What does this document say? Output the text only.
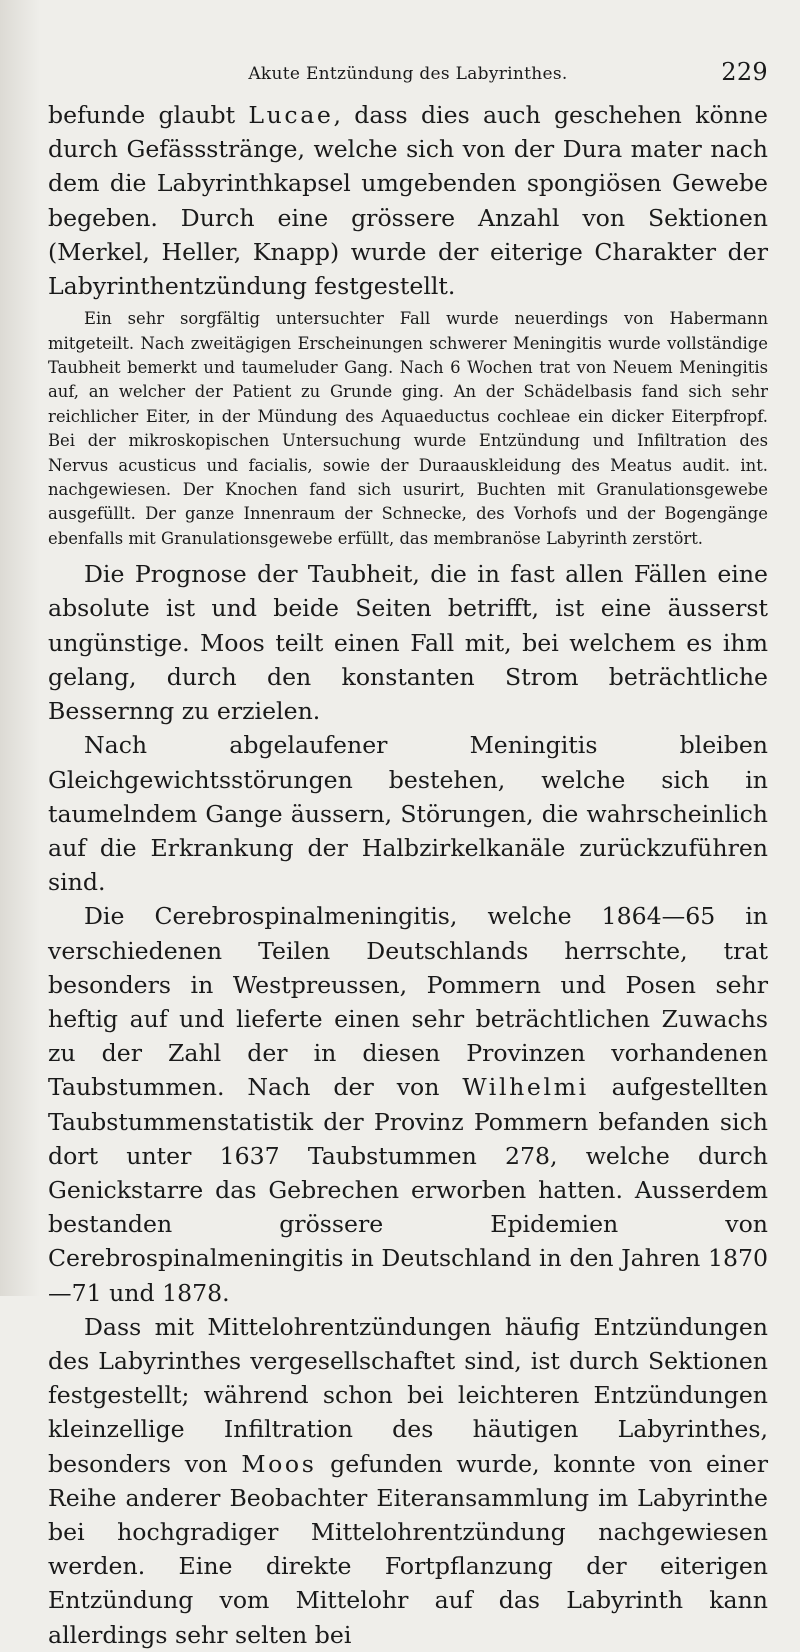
Akute Entzündung des Labyrinthes.	229

befunde glaubt Lucae, dass dies auch geschehen könne durch Gefässstränge, welche sich von der Dura mater nach dem die Labyrinthkapsel umgebenden spongiösen Gewebe begeben. Durch eine grössere Anzahl von Sektionen (Merkel, Heller, Knapp) wurde der eiterige Charakter der Labyrinthentzündung festgestellt.

Ein sehr sorgfältig untersuchter Fall wurde neuerdings von Habermann mitgeteilt. Nach zweitägigen Erscheinungen schwerer Meningitis wurde vollständige Taubheit bemerkt und taumeluder Gang. Nach 6 Wochen trat von Neuem Meningitis auf, an welcher der Patient zu Grunde ging. An der Schädelbasis fand sich sehr reichlicher Eiter, in der Mündung des Aquaeductus cochleae ein dicker Eiterpfropf. Bei der mikroskopischen Untersuchung wurde Entzündung und Infiltration des Nervus acusticus und facialis, sowie der Duraauskleidung des Meatus audit. int. nachgewiesen. Der Knochen fand sich usurirt, Buchten mit Granulationsgewebe ausgefüllt. Der ganze Innenraum der Schnecke, des Vorhofs und der Bogengänge ebenfalls mit Granulationsgewebe erfüllt, das membranöse Labyrinth zerstört.

Die Prognose der Taubheit, die in fast allen Fällen eine absolute ist und beide Seiten betrifft, ist eine äusserst ungünstige. Moos teilt einen Fall mit, bei welchem es ihm gelang, durch den konstanten Strom beträchtliche Bessernng zu erzielen.

Nach abgelaufener Meningitis bleiben Gleichgewichtsstörungen bestehen, welche sich in taumelndem Gange äussern, Störungen, die wahrscheinlich auf die Erkrankung der Halbzirkelkanäle zurückzuführen sind.

Die Cerebrospinalmeningitis, welche 1864—65 in verschiedenen Teilen Deutschlands herrschte, trat besonders in Westpreussen, Pommern und Posen sehr heftig auf und lieferte einen sehr beträchtlichen Zuwachs zu der Zahl der in diesen Provinzen vorhandenen Taubstummen. Nach der von Wilhelmi aufgestellten Taubstummenstatistik der Provinz Pommern befanden sich dort unter 1637 Taubstummen 278, welche durch Genickstarre das Gebrechen erworben hatten. Ausserdem bestanden grössere Epidemien von Cerebrospinalmeningitis in Deutschland in den Jahren 1870—71 und 1878.

Dass mit Mittelohrentzündungen häufig Entzündungen des Labyrinthes vergesellschaftet sind, ist durch Sektionen festgestellt; während schon bei leichteren Entzündungen kleinzellige Infiltration des häutigen Labyrinthes, besonders von Moos gefunden wurde, konnte von einer Reihe anderer Beobachter Eiteransammlung im Labyrinthe bei hochgradiger Mittelohrentzündung nachgewiesen werden. Eine direkte Fortpflanzung der eiterigen Entzündung vom Mittelohr auf das Labyrinth kann allerdings sehr selten bei
